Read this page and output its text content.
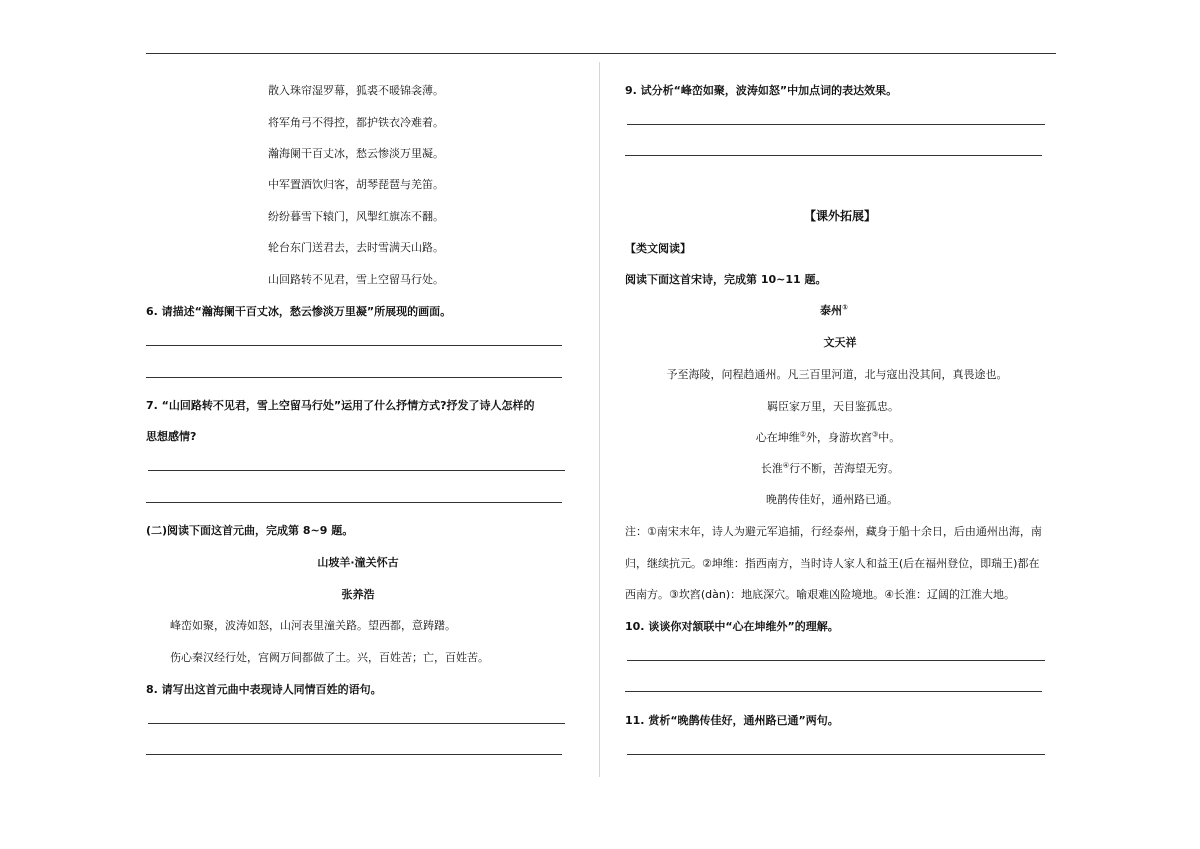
散入珠帘湿罗幕，狐裘不暖锦衾薄。
将军角弓不得控，都护铁衣冷难着。
瀚海阑干百丈冰，愁云惨淡万里凝。
中军置酒饮归客，胡琴琵琶与羌笛。
纷纷暮雪下辕门，风掣红旗冻不翻。
轮台东门送君去，去时雪满天山路。
山回路转不见君，雪上空留马行处。
6. 请描述“瀚海阑干百丈冰，愁云惨淡万里凝”所展现的画面。
7. “山回路转不见君，雪上空留马行处”运用了什么抒情方式?抒发了诗人怎样的
思想感情?
(二)阅读下面这首元曲，完成第 8~9 题。
山坡羊·潼关怀古
张养浩
峰峦如聚，波涛如怒，山河表里潼关路。望西都，意踌躇。
伤心秦汉经行处，宫阙万间都做了土。兴，百姓苦；亡，百姓苦。
8. 请写出这首元曲中表现诗人同情百姓的语句。
9. 试分析“峰峦如聚，波涛如怒”中加点词的表达效果。
【课外拓展】
【类文阅读】
阅读下面这首宋诗，完成第 10~11 题。
泰州①
文天祥
予至海陵，问程趋通州。凡三百里河道，北与寇出没其间，真畏途也。
羁臣家万里，天目鉴孤忠。
心在坤维②外，身游坎窞③中。
长淮④行不断，苦海望无穷。
晚鹊传佳好，通州路已通。
注：①南宋末年，诗人为避元军追捕，行经泰州，藏身于船十余日，后由通州出海，南
归，继续抗元。②坤维：指西南方，当时诗人家人和益王(后在福州登位，即瑞王)都在
西南方。③坎窞(dàn)：地底深穴。喻艰难凶险境地。④长淮：辽阔的江淮大地。
10. 谈谈你对颔联中“心在坤维外”的理解。
11. 赏析“晚鹊传佳好，通州路已通”两句。
